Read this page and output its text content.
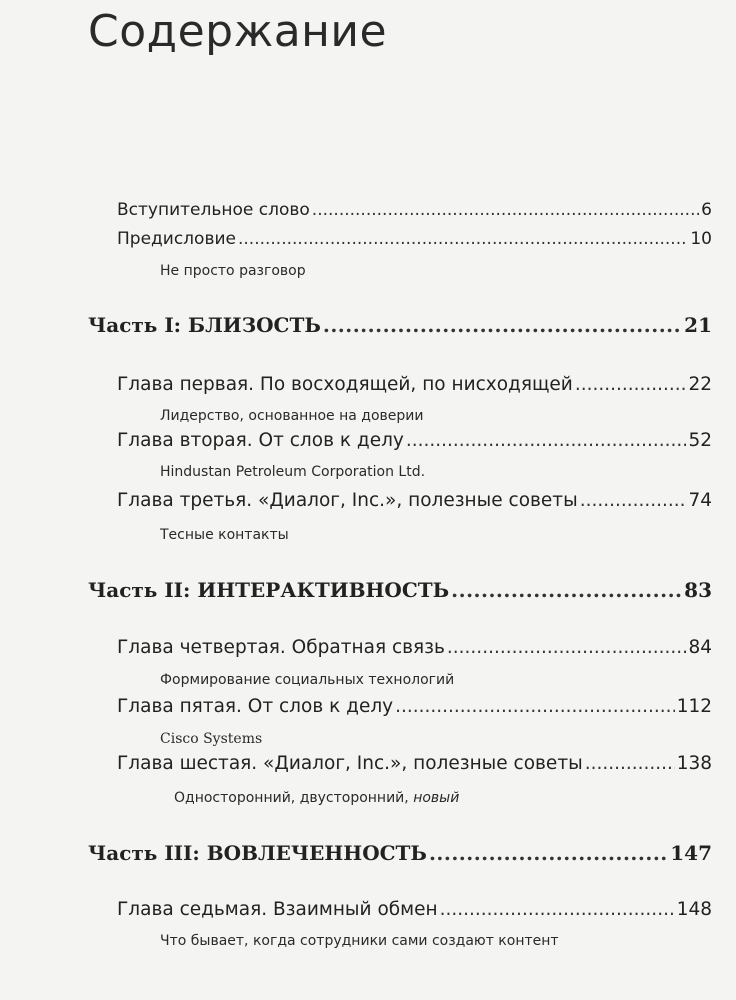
Содержание
Вступительное слово .....	6
Предисловие .....	10
Не просто разговор
Часть I: БЛИЗОСТЬ .....	21
Глава первая. По восходящей, по нисходящей .....	22
Лидерство, основанное на доверии
Глава вторая. От слов к делу .....	52
Hindustan Petroleum Corporation Ltd.
Глава третья. «Диалог, Inc.», полезные советы .....	74
Тесные контакты
Часть II: ИНТЕРАКТИВНОСТЬ .....	83
Глава четвертая. Обратная связь .....	84
Формирование социальных технологий
Глава пятая. От слов к делу .....	112
Cisco Systems
Глава шестая. «Диалог, Inc.», полезные советы .....	138
Односторонний, двусторонний, новый
Часть III: ВОВЛЕЧЕННОСТЬ .....	147
Глава седьмая. Взаимный обмен .....	148
Что бывает, когда сотрудники сами создают контент
